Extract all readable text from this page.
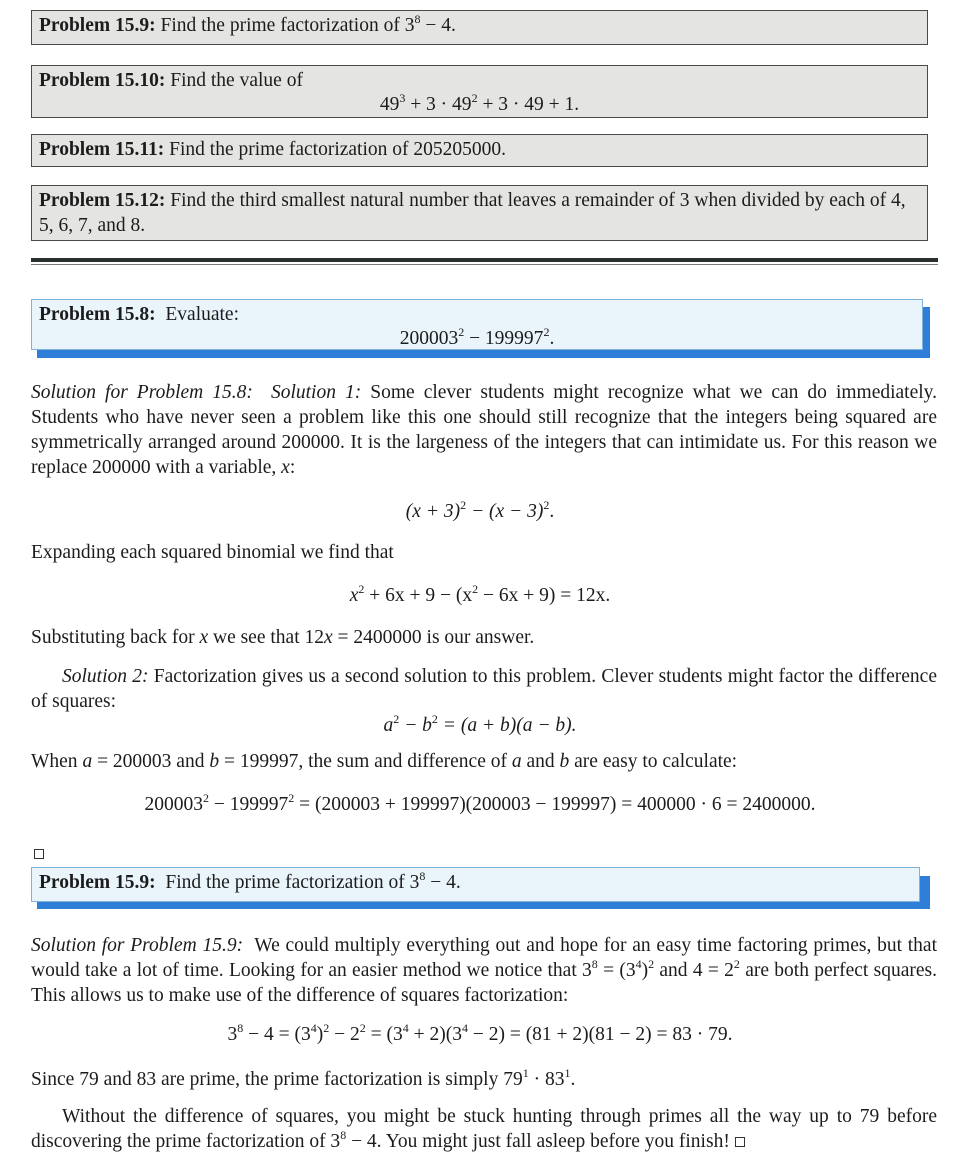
Problem 15.9: Find the prime factorization of $3^8 - 4$.
Problem 15.10: Find the value of
$49^3 + 3 \cdot 49^2 + 3 \cdot 49 + 1$.
Problem 15.11: Find the prime factorization of 205205000.
Problem 15.12: Find the third smallest natural number that leaves a remainder of 3 when divided by each of 4, 5, 6, 7, and 8.
Problem 15.8: Evaluate:
$200003^2 - 199997^2$.
Solution for Problem 15.8: Solution 1: Some clever students might recognize what we can do immediately. Students who have never seen a problem like this one should still recognize that the integers being squared are symmetrically arranged around 200000. It is the largeness of the integers that can intimidate us. For this reason we replace 200000 with a variable, x:
$(x + 3)^2 - (x - 3)^2$.
Expanding each squared binomial we find that
$x^2 + 6x + 9 - (x^2 - 6x + 9) = 12x$.
Substituting back for x we see that 12x = 2400000 is our answer.
Solution 2: Factorization gives us a second solution to this problem. Clever students might factor the difference of squares:
$a^2 - b^2 = (a + b)(a - b)$.
When a = 200003 and b = 199997, the sum and difference of a and b are easy to calculate:
$200003^2 - 199997^2 = (200003 + 199997)(200003 - 199997) = 400000 \cdot 6 = 2400000$.
Problem 15.9: Find the prime factorization of $3^8 - 4$.
Solution for Problem 15.9: We could multiply everything out and hope for an easy time factoring primes, but that would take a lot of time. Looking for an easier method we notice that $3^8 = (3^4)^2$ and $4 = 2^2$ are both perfect squares. This allows us to make use of the difference of squares factorization:
$3^8 - 4 = (3^4)^2 - 2^2 = (3^4 + 2)(3^4 - 2) = (81 + 2)(81 - 2) = 83 \cdot 79$.
Since 79 and 83 are prime, the prime factorization is simply $79^1 \cdot 83^1$.
Without the difference of squares, you might be stuck hunting through primes all the way up to 79 before discovering the prime factorization of $3^8 - 4$. You might just fall asleep before you finish!
